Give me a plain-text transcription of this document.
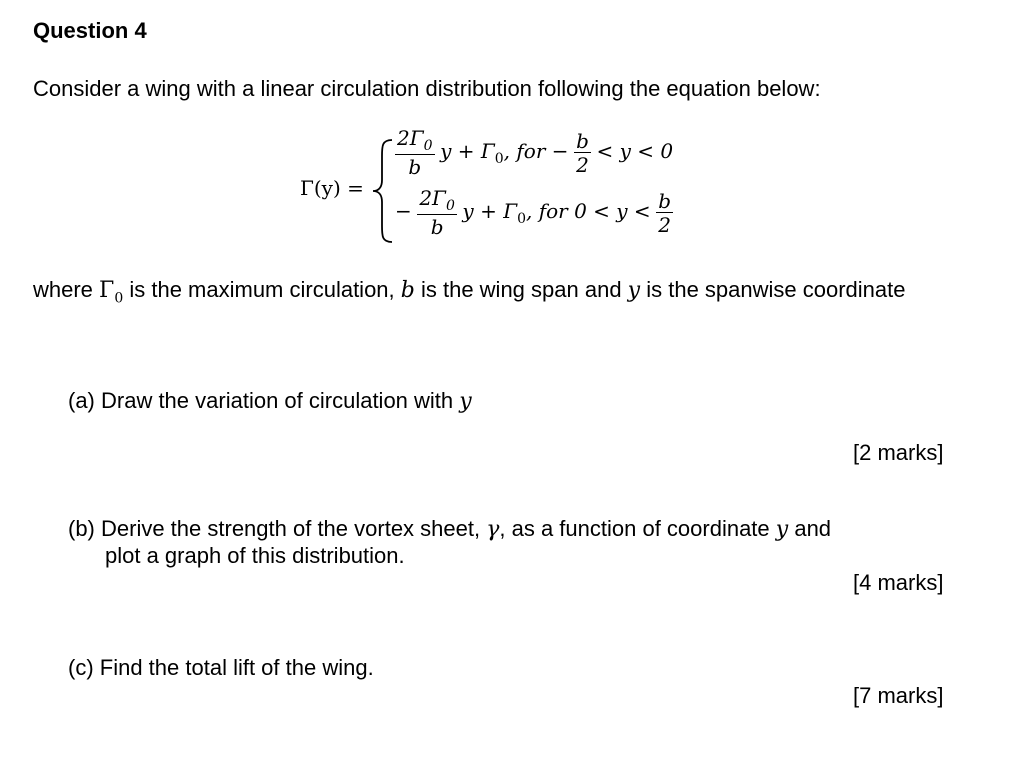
Question 4
Consider a wing with a linear circulation distribution following the equation below:
Γ(y) =
$\frac{2\Gamma_0}{b}$ $y + \Gamma_0$, for − $\frac{b}{2} < y < 0$
− $\frac{2\Gamma_0}{b}$ $y + \Gamma_0$, for $0 < y < \frac{b}{2}$
where $\Gamma_0$ is the maximum circulation, b is the wing span and y is the spanwise coordinate
(a) Draw the variation of circulation with y
[2 marks]
(b) Derive the strength of the vortex sheet, γ, as a function of coordinate y and
plot a graph of this distribution.
[4 marks]
(c) Find the total lift of the wing.
[7 marks]
